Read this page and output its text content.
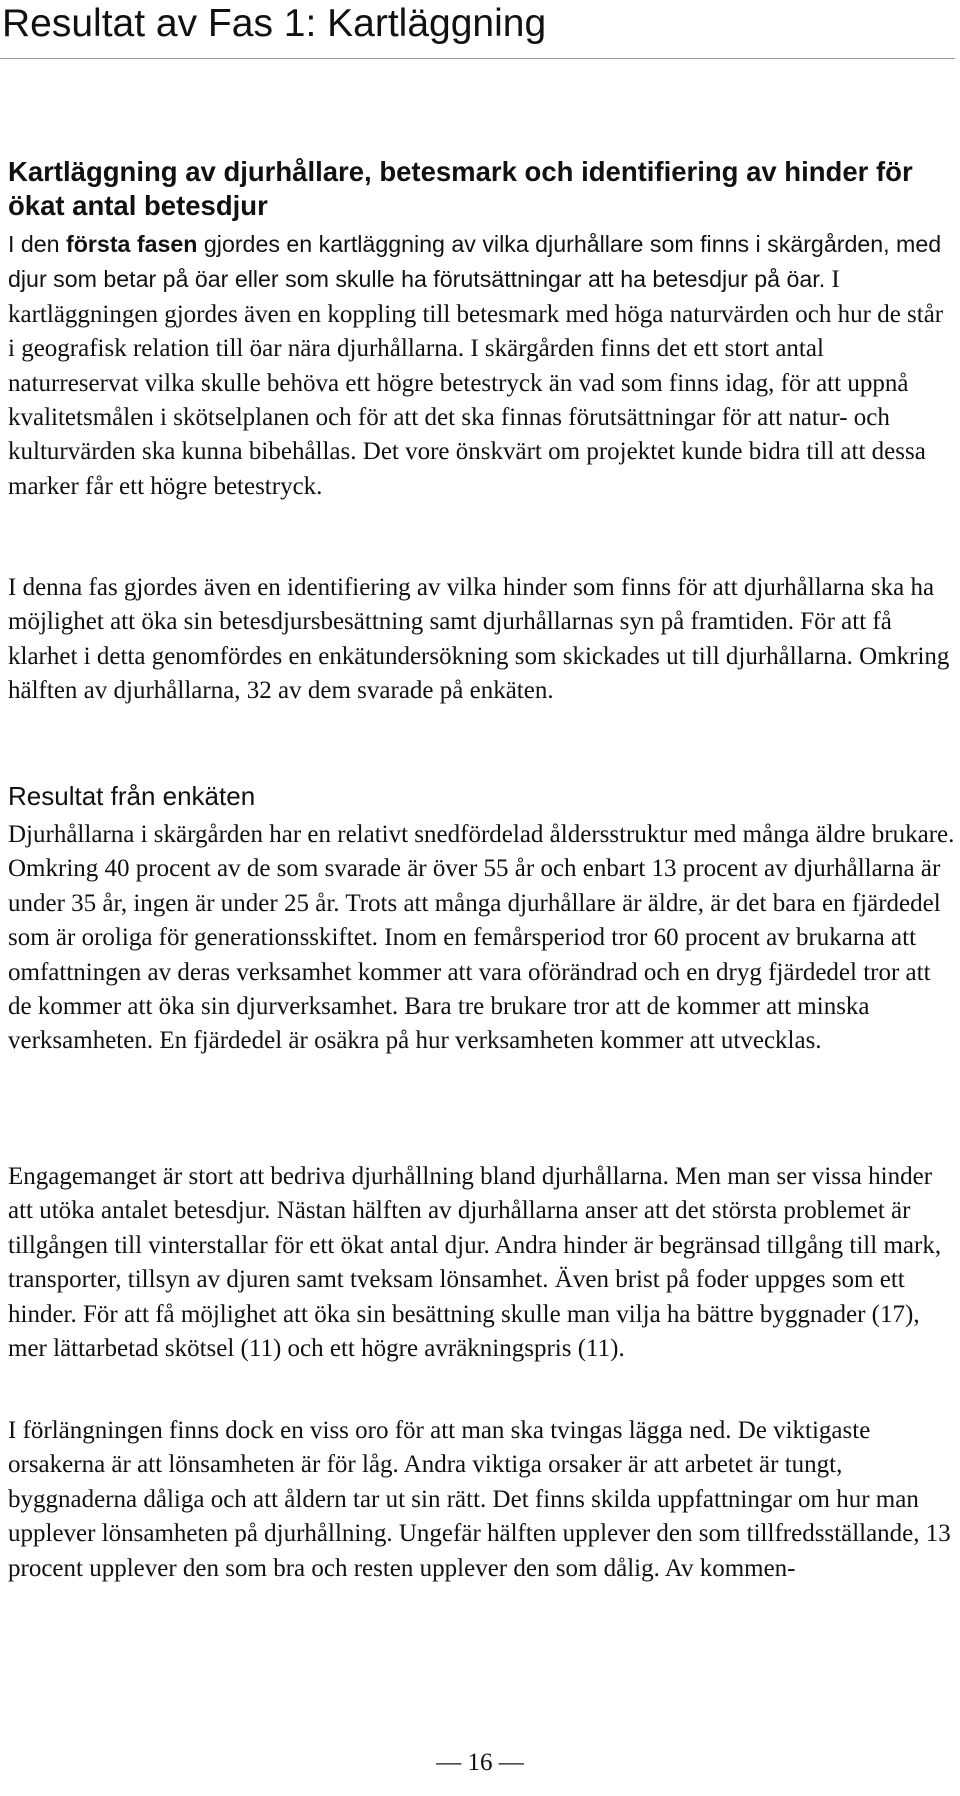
Resultat av Fas 1: Kartläggning
Kartläggning av djurhållare, betesmark och identifiering av hinder för ökat antal betesdjur

I den första fasen gjordes en kartläggning av vilka djurhållare som finns i skärgården, med djur som betar på öar eller som skulle ha förutsättningar att ha betesdjur på öar. I kartläggningen gjordes även en koppling till betesmark med höga naturvärden och hur de står i geografisk relation till öar nära djurhållarna. I skärgården finns det ett stort antal naturreservat vilka skulle behöva ett högre betestryck än vad som finns idag, för att uppnå kvalitetsmålen i skötselplanen och för att det ska finnas förutsättningar för att natur- och kulturvärden ska kunna bibehållas. Det vore önskvärt om projektet kunde bidra till att dessa marker får ett högre betestryck.

I denna fas gjordes även en identifiering av vilka hinder som finns för att djurhållarna ska ha möjlighet att öka sin betesdjursbesättning samt djurhållarnas syn på framtiden. För att få klarhet i detta genomfördes en enkätundersökning som skickades ut till djurhållarna. Omkring hälften av djurhållarna, 32 av dem svarade på enkäten.

Resultat från enkäten

Djurhållarna i skärgården har en relativt snedfördelad åldersstruktur med många äldre brukare. Omkring 40 procent av de som svarade är över 55 år och enbart 13 procent av djurhållarna är under 35 år, ingen är under 25 år. Trots att många djurhållare är äldre, är det bara en fjärdedel som är oroliga för generationsskiftet. Inom en femårsperiod tror 60 procent av brukarna att omfattningen av deras verksamhet kommer att vara oförändrad och en dryg fjärdedel tror att de kommer att öka sin djurverksamhet. Bara tre brukare tror att de kommer att minska verksamheten. En fjärdedel är osäkra på hur verksamheten kommer att utvecklas.

Engagemanget är stort att bedriva djurhållning bland djurhållarna. Men man ser vissa hinder att utöka antalet betesdjur. Nästan hälften av djurhållarna anser att det största problemet är tillgången till vinterstallar för ett ökat antal djur. Andra hinder är begränsad tillgång till mark, transporter, tillsyn av djuren samt tveksam lönsamhet. Även brist på foder uppges som ett hinder. För att få möjlighet att öka sin besättning skulle man vilja ha bättre byggnader (17), mer lättarbetad skötsel (11) och ett högre avräkningspris (11).

I förlängningen finns dock en viss oro för att man ska tvingas lägga ned. De viktigaste orsakerna är att lönsamheten är för låg. Andra viktiga orsaker är att arbetet är tungt, byggnaderna dåliga och att åldern tar ut sin rätt. Det finns skilda uppfattningar om hur man upplever lönsamheten på djurhållning. Ungefär hälften upplever den som tillfredsställande, 13 procent upplever den som bra och resten upplever den som dålig. Av kommen-

— 16 —
